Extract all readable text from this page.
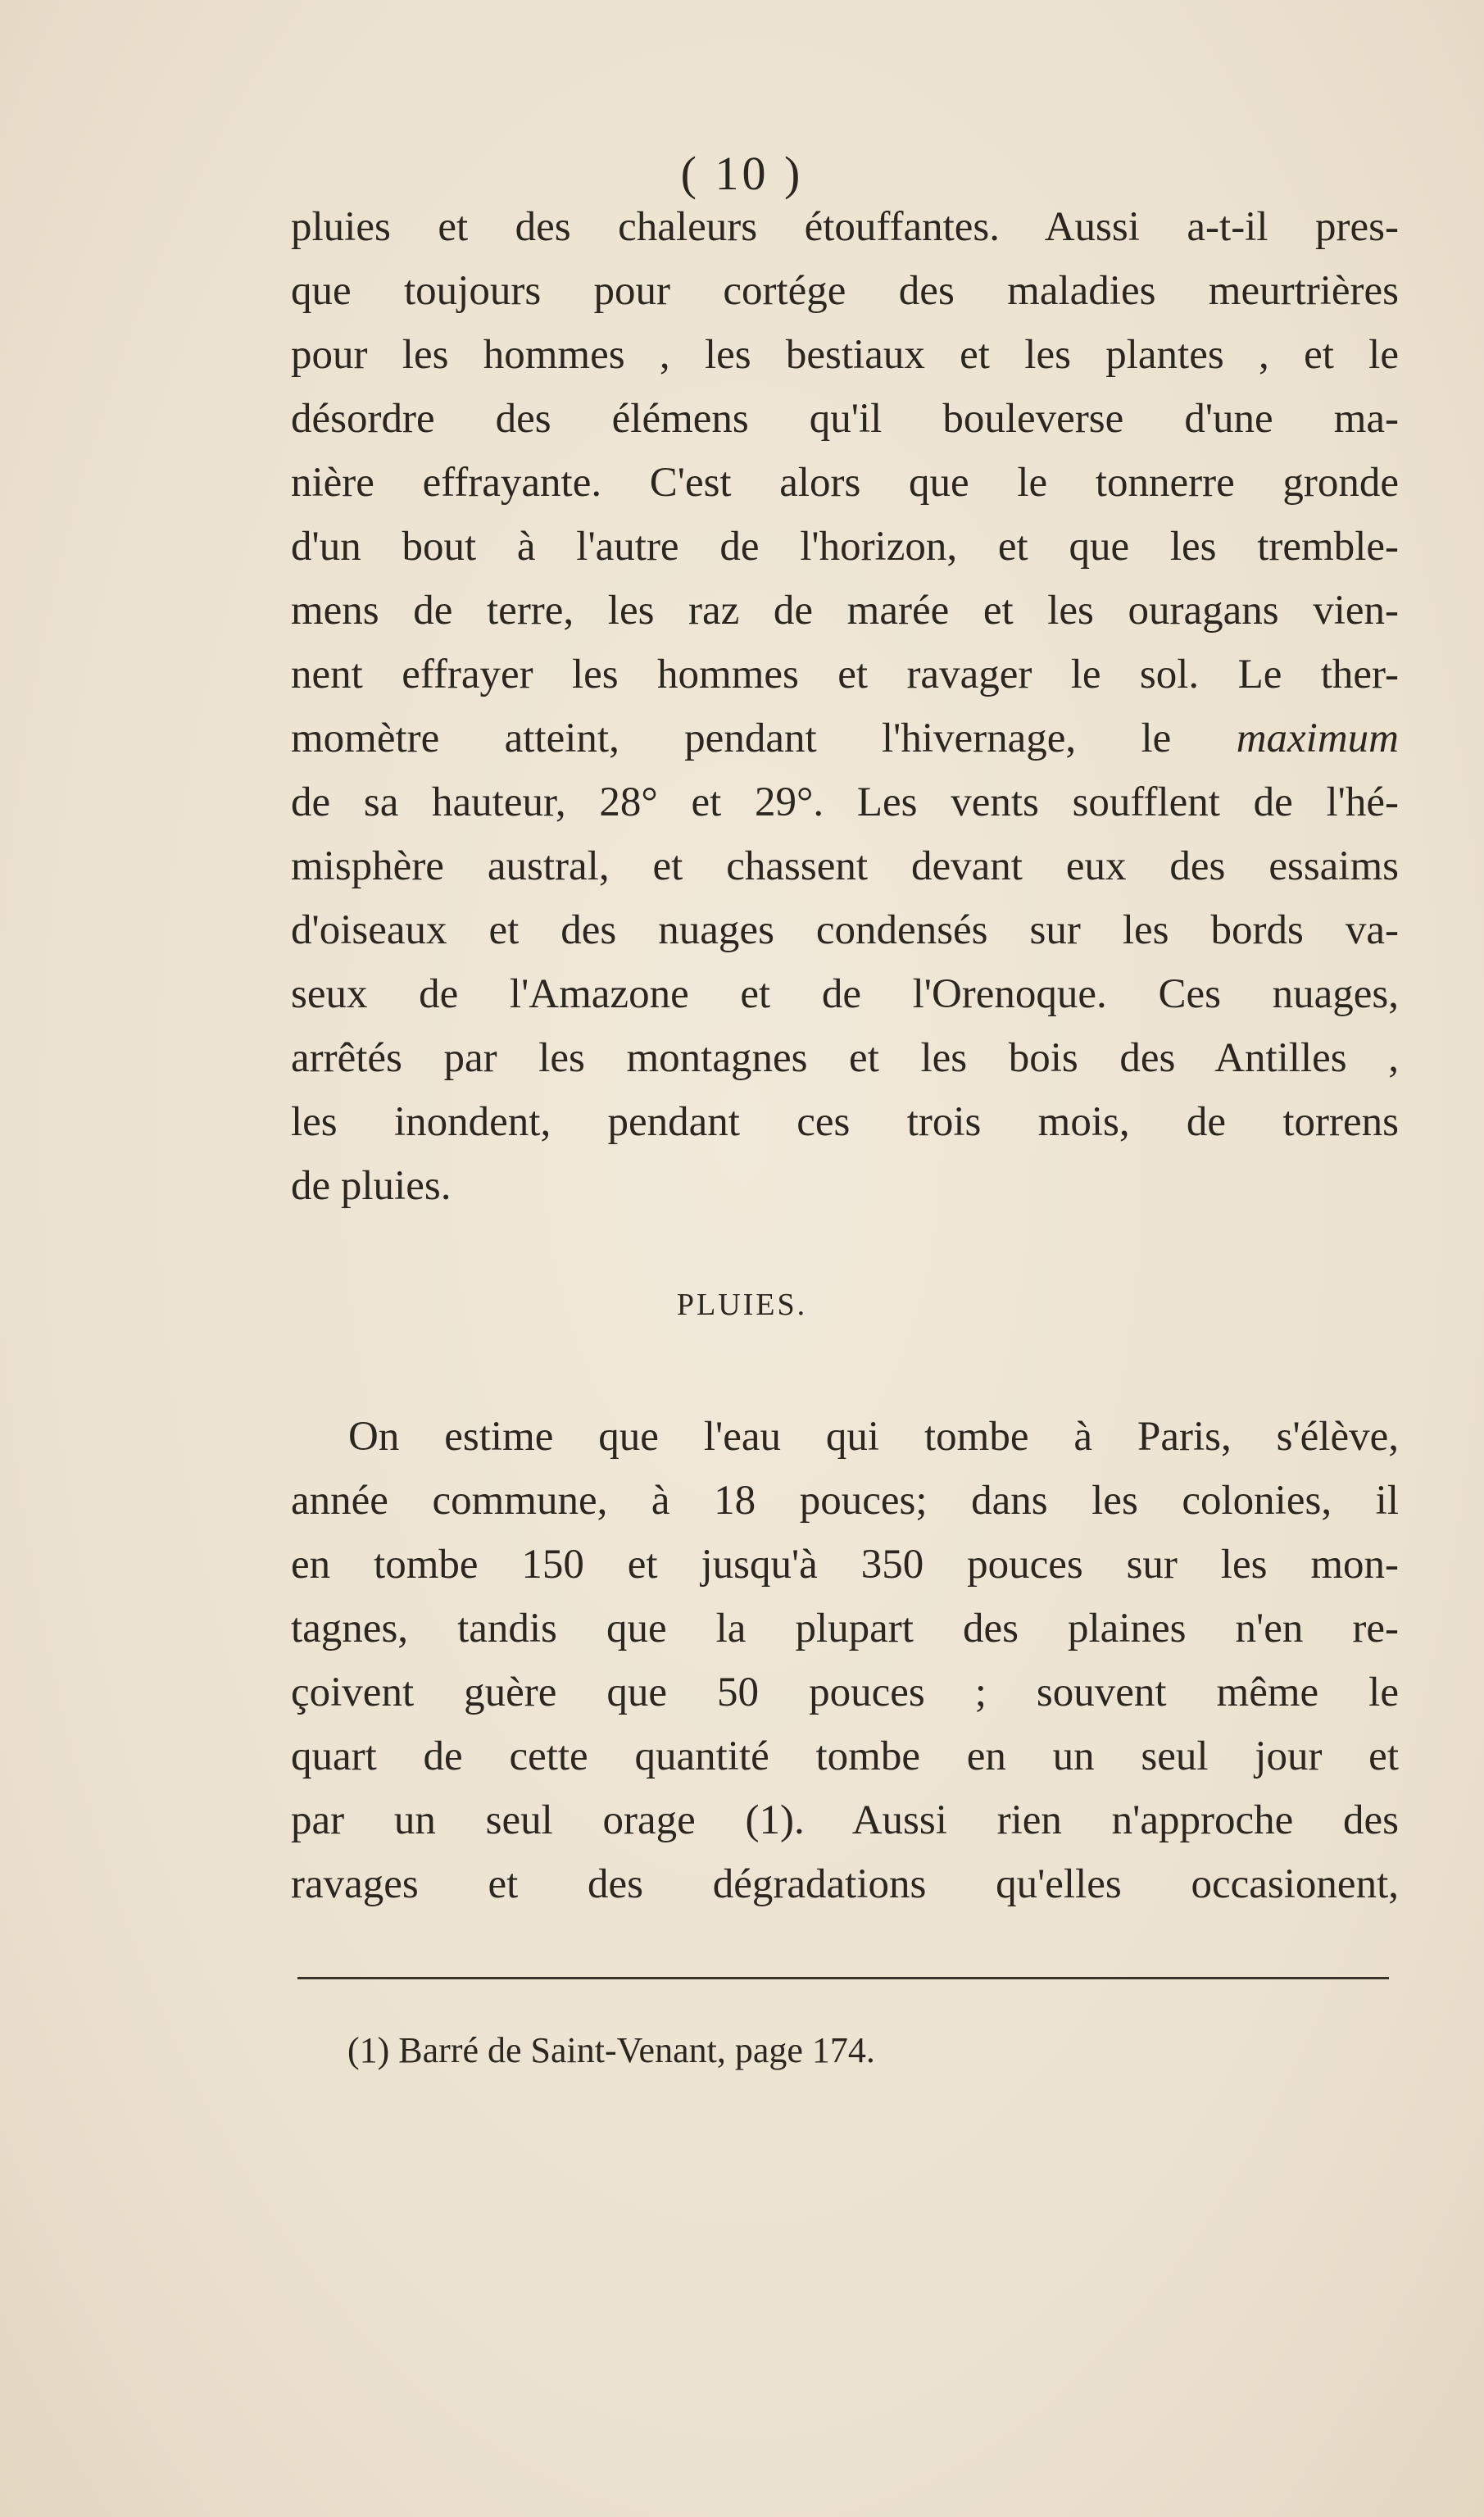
( 10 )
pluies et des chaleurs étouffantes. Aussi a-t-il pres-
que toujours pour cortége des maladies meurtrières
pour les hommes , les bestiaux et les plantes , et le
désordre des élémens qu'il bouleverse d'une ma-
nière effrayante. C'est alors que le tonnerre gronde
d'un bout à l'autre de l'horizon, et que les tremble-
mens de terre, les raz de marée et les ouragans vien-
nent effrayer les hommes et ravager le sol. Le ther-
momètre atteint, pendant l'hivernage, le maximum
de sa hauteur, 28° et 29°. Les vents soufflent de l'hé-
misphère austral, et chassent devant eux des essaims
d'oiseaux et des nuages condensés sur les bords va-
seux de l'Amazone et de l'Orenoque. Ces nuages,
arrêtés par les montagnes et les bois des Antilles ,
les inondent, pendant ces trois mois, de torrens
de pluies.
PLUIES.
On estime que l'eau qui tombe à Paris, s'élève,
année commune, à 18 pouces; dans les colonies, il
en tombe 150 et jusqu'à 350 pouces sur les mon-
tagnes, tandis que la plupart des plaines n'en re-
çoivent guère que 50 pouces ; souvent même le
quart de cette quantité tombe en un seul jour et
par un seul orage (1). Aussi rien n'approche des
ravages et des dégradations qu'elles occasionent,
(1) Barré de Saint-Venant, page 174.
